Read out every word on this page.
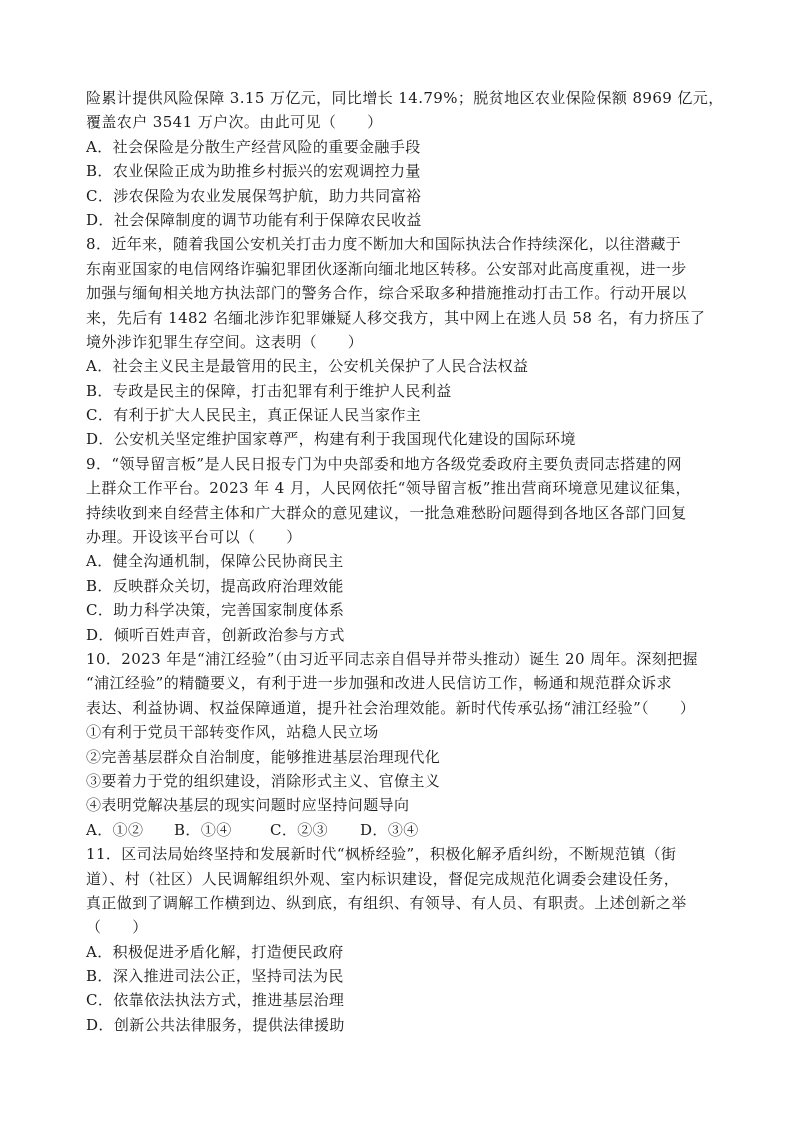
险累计提供风险保障 3.15 万亿元，同比增长 14.79%；脱贫地区农业保险保额 8969 亿元，
覆盖农户 3541 万户次。由此可见（　　）
A．社会保险是分散生产经营风险的重要金融手段
B．农业保险正成为助推乡村振兴的宏观调控力量
C．涉农保险为农业发展保驾护航，助力共同富裕
D．社会保障制度的调节功能有利于保障农民收益
8．近年来，随着我国公安机关打击力度不断加大和国际执法合作持续深化，以往潜藏于
东南亚国家的电信网络诈骗犯罪团伙逐渐向缅北地区转移。公安部对此高度重视，进一步
加强与缅甸相关地方执法部门的警务合作，综合采取多种措施推动打击工作。行动开展以
来，先后有 1482 名缅北涉诈犯罪嫌疑人移交我方，其中网上在逃人员 58 名，有力挤压了
境外涉诈犯罪生存空间。这表明（　　）
A．社会主义民主是最管用的民主，公安机关保护了人民合法权益
B．专政是民主的保障，打击犯罪有利于维护人民利益
C．有利于扩大人民民主，真正保证人民当家作主
D．公安机关坚定维护国家尊严，构建有利于我国现代化建设的国际环境
9．“领导留言板”是人民日报专门为中央部委和地方各级党委政府主要负责同志搭建的网
上群众工作平台。2023 年 4 月，人民网依托“领导留言板”推出营商环境意见建议征集，
持续收到来自经营主体和广大群众的意见建议，一批急难愁盼问题得到各地区各部门回复
办理。开设该平台可以（　　）
A．健全沟通机制，保障公民协商民主
B．反映群众关切，提高政府治理效能
C．助力科学决策，完善国家制度体系
D．倾听百姓声音，创新政治参与方式
10．2023 年是“浦江经验”（由习近平同志亲自倡导并带头推动）诞生 20 周年。深刻把握
“浦江经验”的精髓要义，有利于进一步加强和改进人民信访工作，畅通和规范群众诉求
表达、利益协调、权益保障通道，提升社会治理效能。新时代传承弘扬“浦江经验”（　　）
①有利于党员干部转变作风，站稳人民立场
②完善基层群众自治制度，能够推进基层治理现代化
③要着力于党的组织建设，消除形式主义、官僚主义
④表明党解决基层的现实问题时应坚持问题导向
A．①② B．①④	C．②③ D．③④
11．区司法局始终坚持和发展新时代“枫桥经验”，积极化解矛盾纠纷，不断规范镇（街
道）、村（社区）人民调解组织外观、室内标识建设，督促完成规范化调委会建设任务，
真正做到了调解工作横到边、纵到底，有组织、有领导、有人员、有职责。上述创新之举
（　　）
A．积极促进矛盾化解，打造便民政府
B．深入推进司法公正，坚持司法为民
C．依靠依法执法方式，推进基层治理
D．创新公共法律服务，提供法律援助
